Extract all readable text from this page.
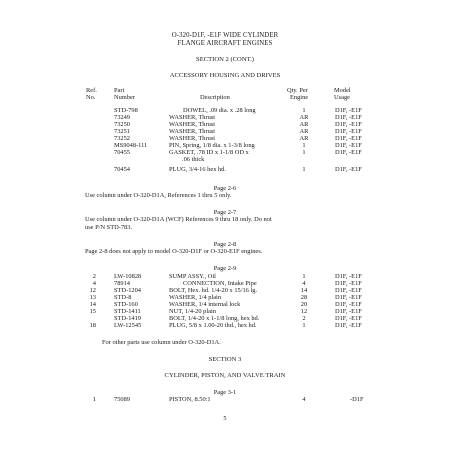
O-320-D1F, -E1F WIDE CYLINDER
FLANGE AIRCRAFT ENGINES
SECTION 2 (CONT.)
ACCESSORY HOUSING AND DRIVES
Ref.
No.
Part
Number	Description
Qty. Per
Engine
Model
Usage
STD-798	DOWEL, .09 dia. x .28 long	1	D1F, -E1F
73249	WASHER, Thrust	AR	D1F, -E1F
73250	WASHER, Thrust	AR	D1F, -E1F
73251	WASHER, Thrust	AR	D1F, -E1F
73252	WASHER, Thrust	AR	D1F, -E1F
MS9048-111	PIN, Spring, 1/8 dia. x 1-3/8 long	1	D1F, -E1F
70455	GASKET, .78 ID x 1-1/8 OD x	1	D1F, -E1F
.06 thick
70454	PLUG, 3/4-16 hex hd.	1	D1F, -E1F
Page 2-6
Use column under O-320-D1A, References 1 thru 5 only.
Page 2-7
Use column under O-320-D1A (WCF) References 9 thru 18 only. Do not
use P/N STD-783.
Page 2-8
Page 2-8 does not apply to model O-320-D1F or O-320-E1F engines.
Page 2-9
2	LW-10828	SUMP ASSY., Oil	1	D1F, -E1F
4	78914	CONNECTION, Intake Pipe	4	D1F, -E1F
12	STD-1204	BOLT, Hex. hd. 1/4-20 x 15/16 lg.	14	D1F, -E1F
13	STD-8	WASHER, 1/4 plain	28	D1F, -E1F
14	STD-160	WASHER, 1/4 internal lock	20	D1F, -E1F
15	STD-1411	NUT, 1/4-20 plain	12	D1F, -E1F
STD-1419	BOLT, 1/4-20 x 1-1/8 long, hex hd.	2	D1F, -E1F
18	LW-12545	PLUG, 5/8 x 1.00-20 thd., hex hd.	1	D1F, -E1F
For other parts use column under O-320-D1A.
SECTION 3
CYLINDER, PISTON, AND VALVE TRAIN
Page 3-1
1	75089	PISTON, 8.50:1	4	-D1F
5
